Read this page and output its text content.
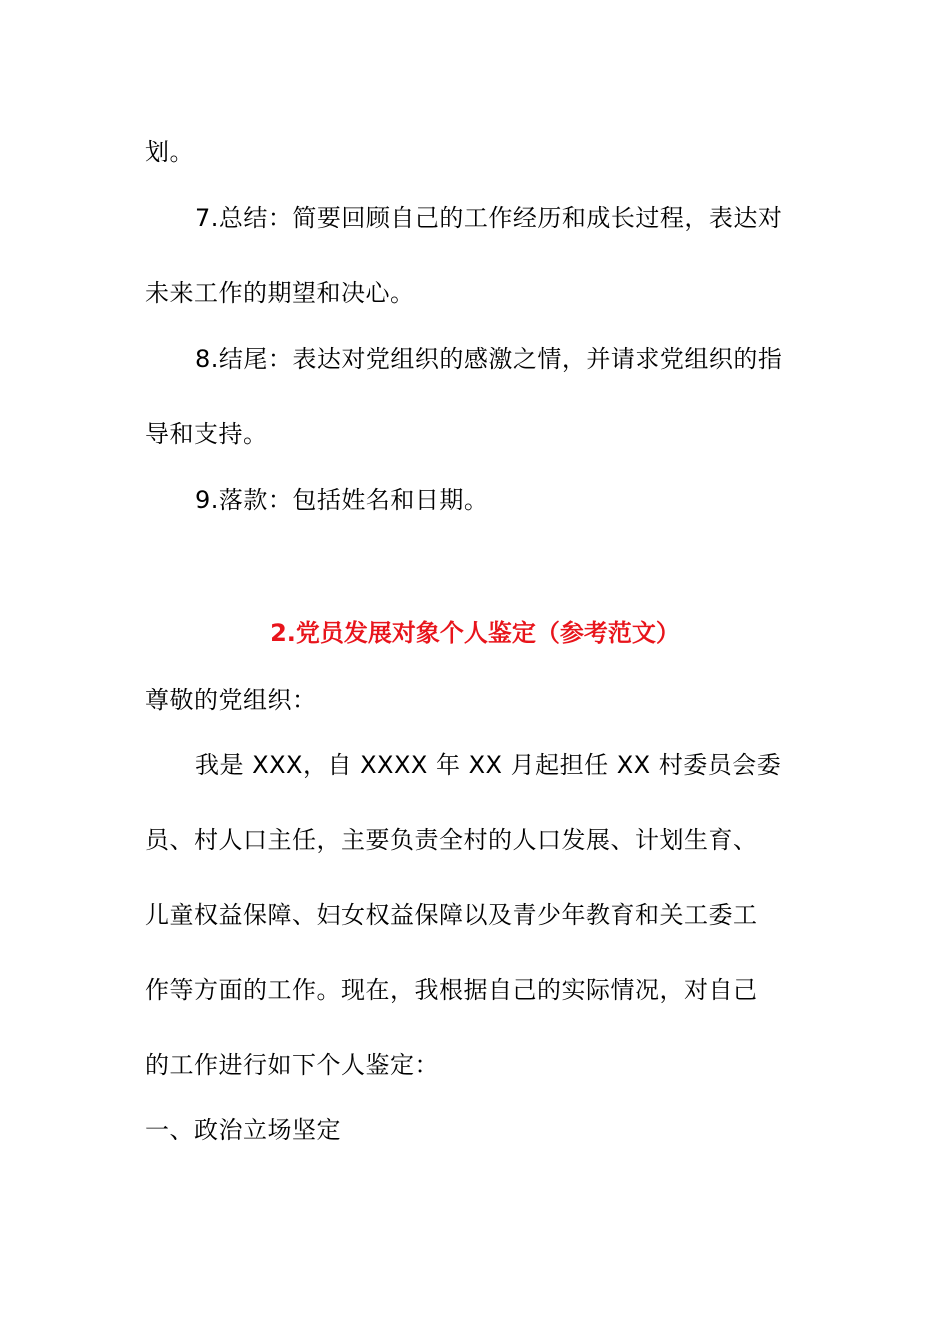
划。
7.总结：简要回顾自己的工作经历和成长过程，表达对
未来工作的期望和决心。
8.结尾：表达对党组织的感激之情，并请求党组织的指
导和支持。
9.落款：包括姓名和日期。
2.党员发展对象个人鉴定（参考范文）
尊敬的党组织：
我是 XXX，自 XXXX 年 XX 月起担任 XX 村委员会委
员、村人口主任，主要负责全村的人口发展、计划生育、
儿童权益保障、妇女权益保障以及青少年教育和关工委工
作等方面的工作。现在，我根据自己的实际情况，对自己
的工作进行如下个人鉴定：
一、政治立场坚定
